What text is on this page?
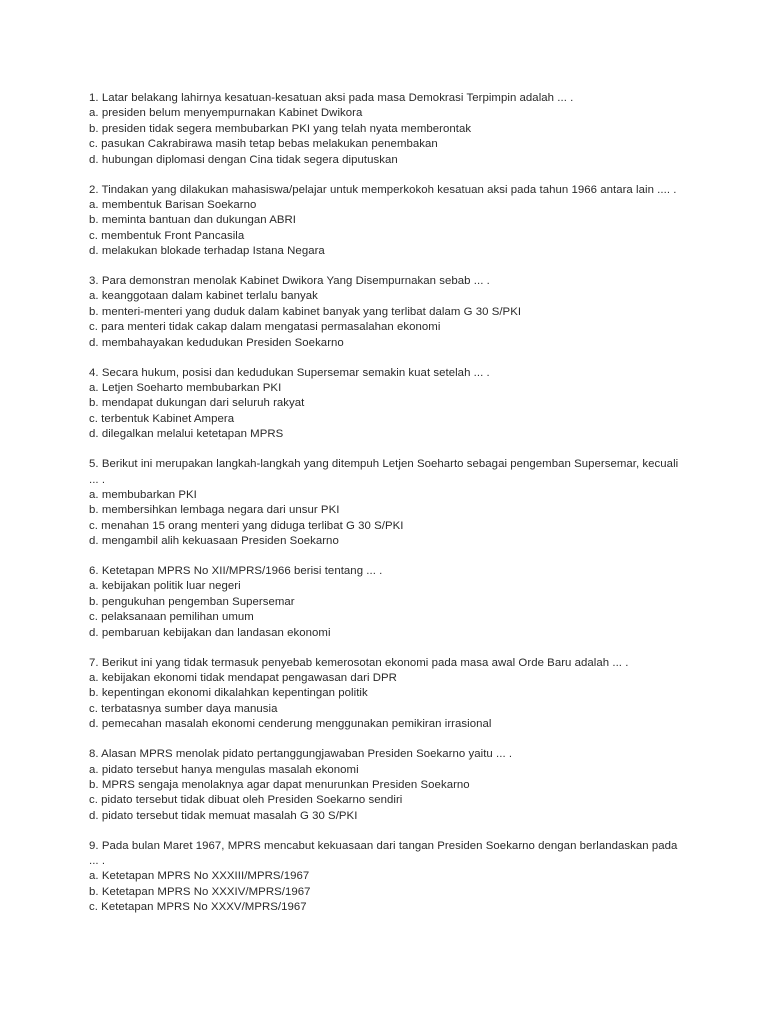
1. Latar belakang lahirnya kesatuan-kesatuan aksi pada masa Demokrasi Terpimpin adalah ... .
a. presiden belum menyempurnakan Kabinet Dwikora
b. presiden tidak segera membubarkan PKI yang telah nyata memberontak
c. pasukan Cakrabirawa masih tetap bebas melakukan penembakan
d. hubungan diplomasi dengan Cina tidak segera diputuskan
2. Tindakan yang dilakukan mahasiswa/pelajar untuk memperkokoh kesatuan aksi pada tahun 1966 antara lain .... .
a. membentuk Barisan Soekarno
b. meminta bantuan dan dukungan ABRI
c. membentuk Front Pancasila
d. melakukan blokade terhadap Istana Negara
3. Para demonstran menolak Kabinet Dwikora Yang Disempurnakan sebab ... .
a. keanggotaan dalam kabinet terlalu banyak
b. menteri-menteri yang duduk dalam kabinet banyak yang terlibat dalam G 30 S/PKI
c. para menteri tidak cakap dalam mengatasi permasalahan ekonomi
d. membahayakan kedudukan Presiden Soekarno
4. Secara hukum, posisi dan kedudukan Supersemar semakin kuat setelah ... .
a. Letjen Soeharto membubarkan PKI
b. mendapat dukungan dari seluruh rakyat
c. terbentuk Kabinet Ampera
d. dilegalkan melalui ketetapan MPRS
5. Berikut ini merupakan langkah-langkah yang ditempuh Letjen Soeharto sebagai pengemban Supersemar, kecuali
... .
a. membubarkan PKI
b. membersihkan lembaga negara dari unsur PKI
c. menahan 15 orang menteri yang diduga terlibat G 30 S/PKI
d. mengambil alih kekuasaan Presiden Soekarno
6. Ketetapan MPRS No XII/MPRS/1966 berisi tentang ... .
a. kebijakan politik luar negeri
b. pengukuhan pengemban Supersemar
c. pelaksanaan pemilihan umum
d. pembaruan kebijakan dan landasan ekonomi
7. Berikut ini yang tidak termasuk penyebab kemerosotan ekonomi pada masa awal Orde Baru adalah ... .
a. kebijakan ekonomi tidak mendapat pengawasan dari DPR
b. kepentingan ekonomi dikalahkan kepentingan politik
c. terbatasnya sumber daya manusia
d. pemecahan masalah ekonomi cenderung menggunakan pemikiran irrasional
8. Alasan MPRS menolak pidato pertanggungjawaban Presiden Soekarno yaitu ... .
a. pidato tersebut hanya mengulas masalah ekonomi
b. MPRS sengaja menolaknya agar dapat menurunkan Presiden Soekarno
c. pidato tersebut tidak dibuat oleh Presiden Soekarno sendiri
d. pidato tersebut tidak memuat masalah G 30 S/PKI
9. Pada bulan Maret 1967, MPRS mencabut kekuasaan dari tangan Presiden Soekarno dengan berlandaskan pada
... .
a. Ketetapan MPRS No XXXIII/MPRS/1967
b. Ketetapan MPRS No XXXIV/MPRS/1967
c. Ketetapan MPRS No XXXV/MPRS/1967
